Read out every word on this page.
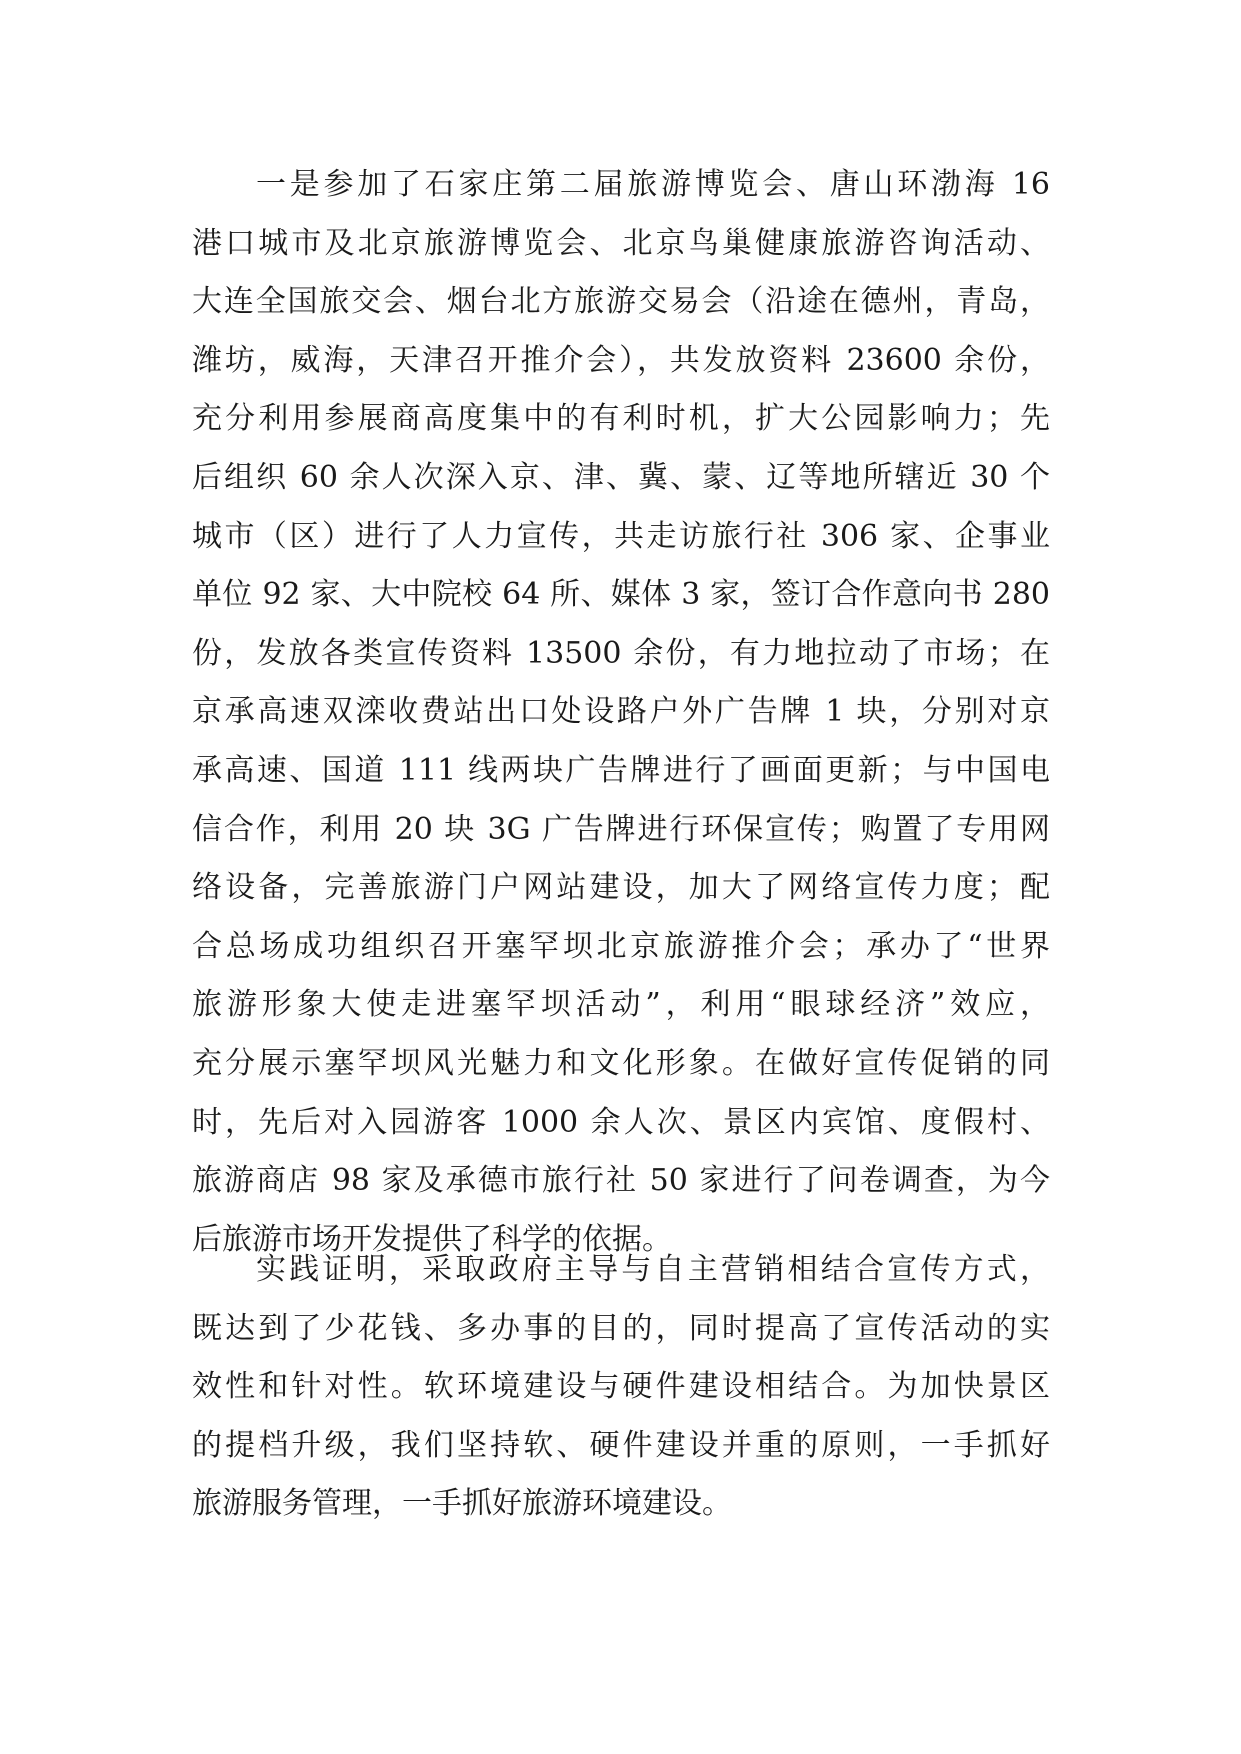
一是参加了石家庄第二届旅游博览会、唐山环渤海 16
港口城市及北京旅游博览会、北京鸟巢健康旅游咨询活动、
大连全国旅交会、烟台北方旅游交易会（沿途在德州，青岛，
潍坊，威海，天津召开推介会），共发放资料 23600 余份，
充分利用参展商高度集中的有利时机，扩大公园影响力；先
后组织 60 余人次深入京、津、冀、蒙、辽等地所辖近 30 个
城市（区）进行了人力宣传，共走访旅行社 306 家、企事业
单位 92 家、大中院校 64 所、媒体 3 家，签订合作意向书 280
份，发放各类宣传资料 13500 余份，有力地拉动了市场；在
京承高速双滦收费站出口处设路户外广告牌 1 块，分别对京
承高速、国道 111 线两块广告牌进行了画面更新；与中国电
信合作，利用 20 块 3G 广告牌进行环保宣传；购置了专用网
络设备，完善旅游门户网站建设，加大了网络宣传力度；配
合总场成功组织召开塞罕坝北京旅游推介会；承办了“世界
旅游形象大使走进塞罕坝活动”，利用“眼球经济”效应，
充分展示塞罕坝风光魅力和文化形象。在做好宣传促销的同
时，先后对入园游客 1000 余人次、景区内宾馆、度假村、
旅游商店 98 家及承德市旅行社 50 家进行了问卷调查，为今
后旅游市场开发提供了科学的依据。
实践证明，采取政府主导与自主营销相结合宣传方式，
既达到了少花钱、多办事的目的，同时提高了宣传活动的实
效性和针对性。软环境建设与硬件建设相结合。为加快景区
的提档升级，我们坚持软、硬件建设并重的原则，一手抓好
旅游服务管理，一手抓好旅游环境建设。
